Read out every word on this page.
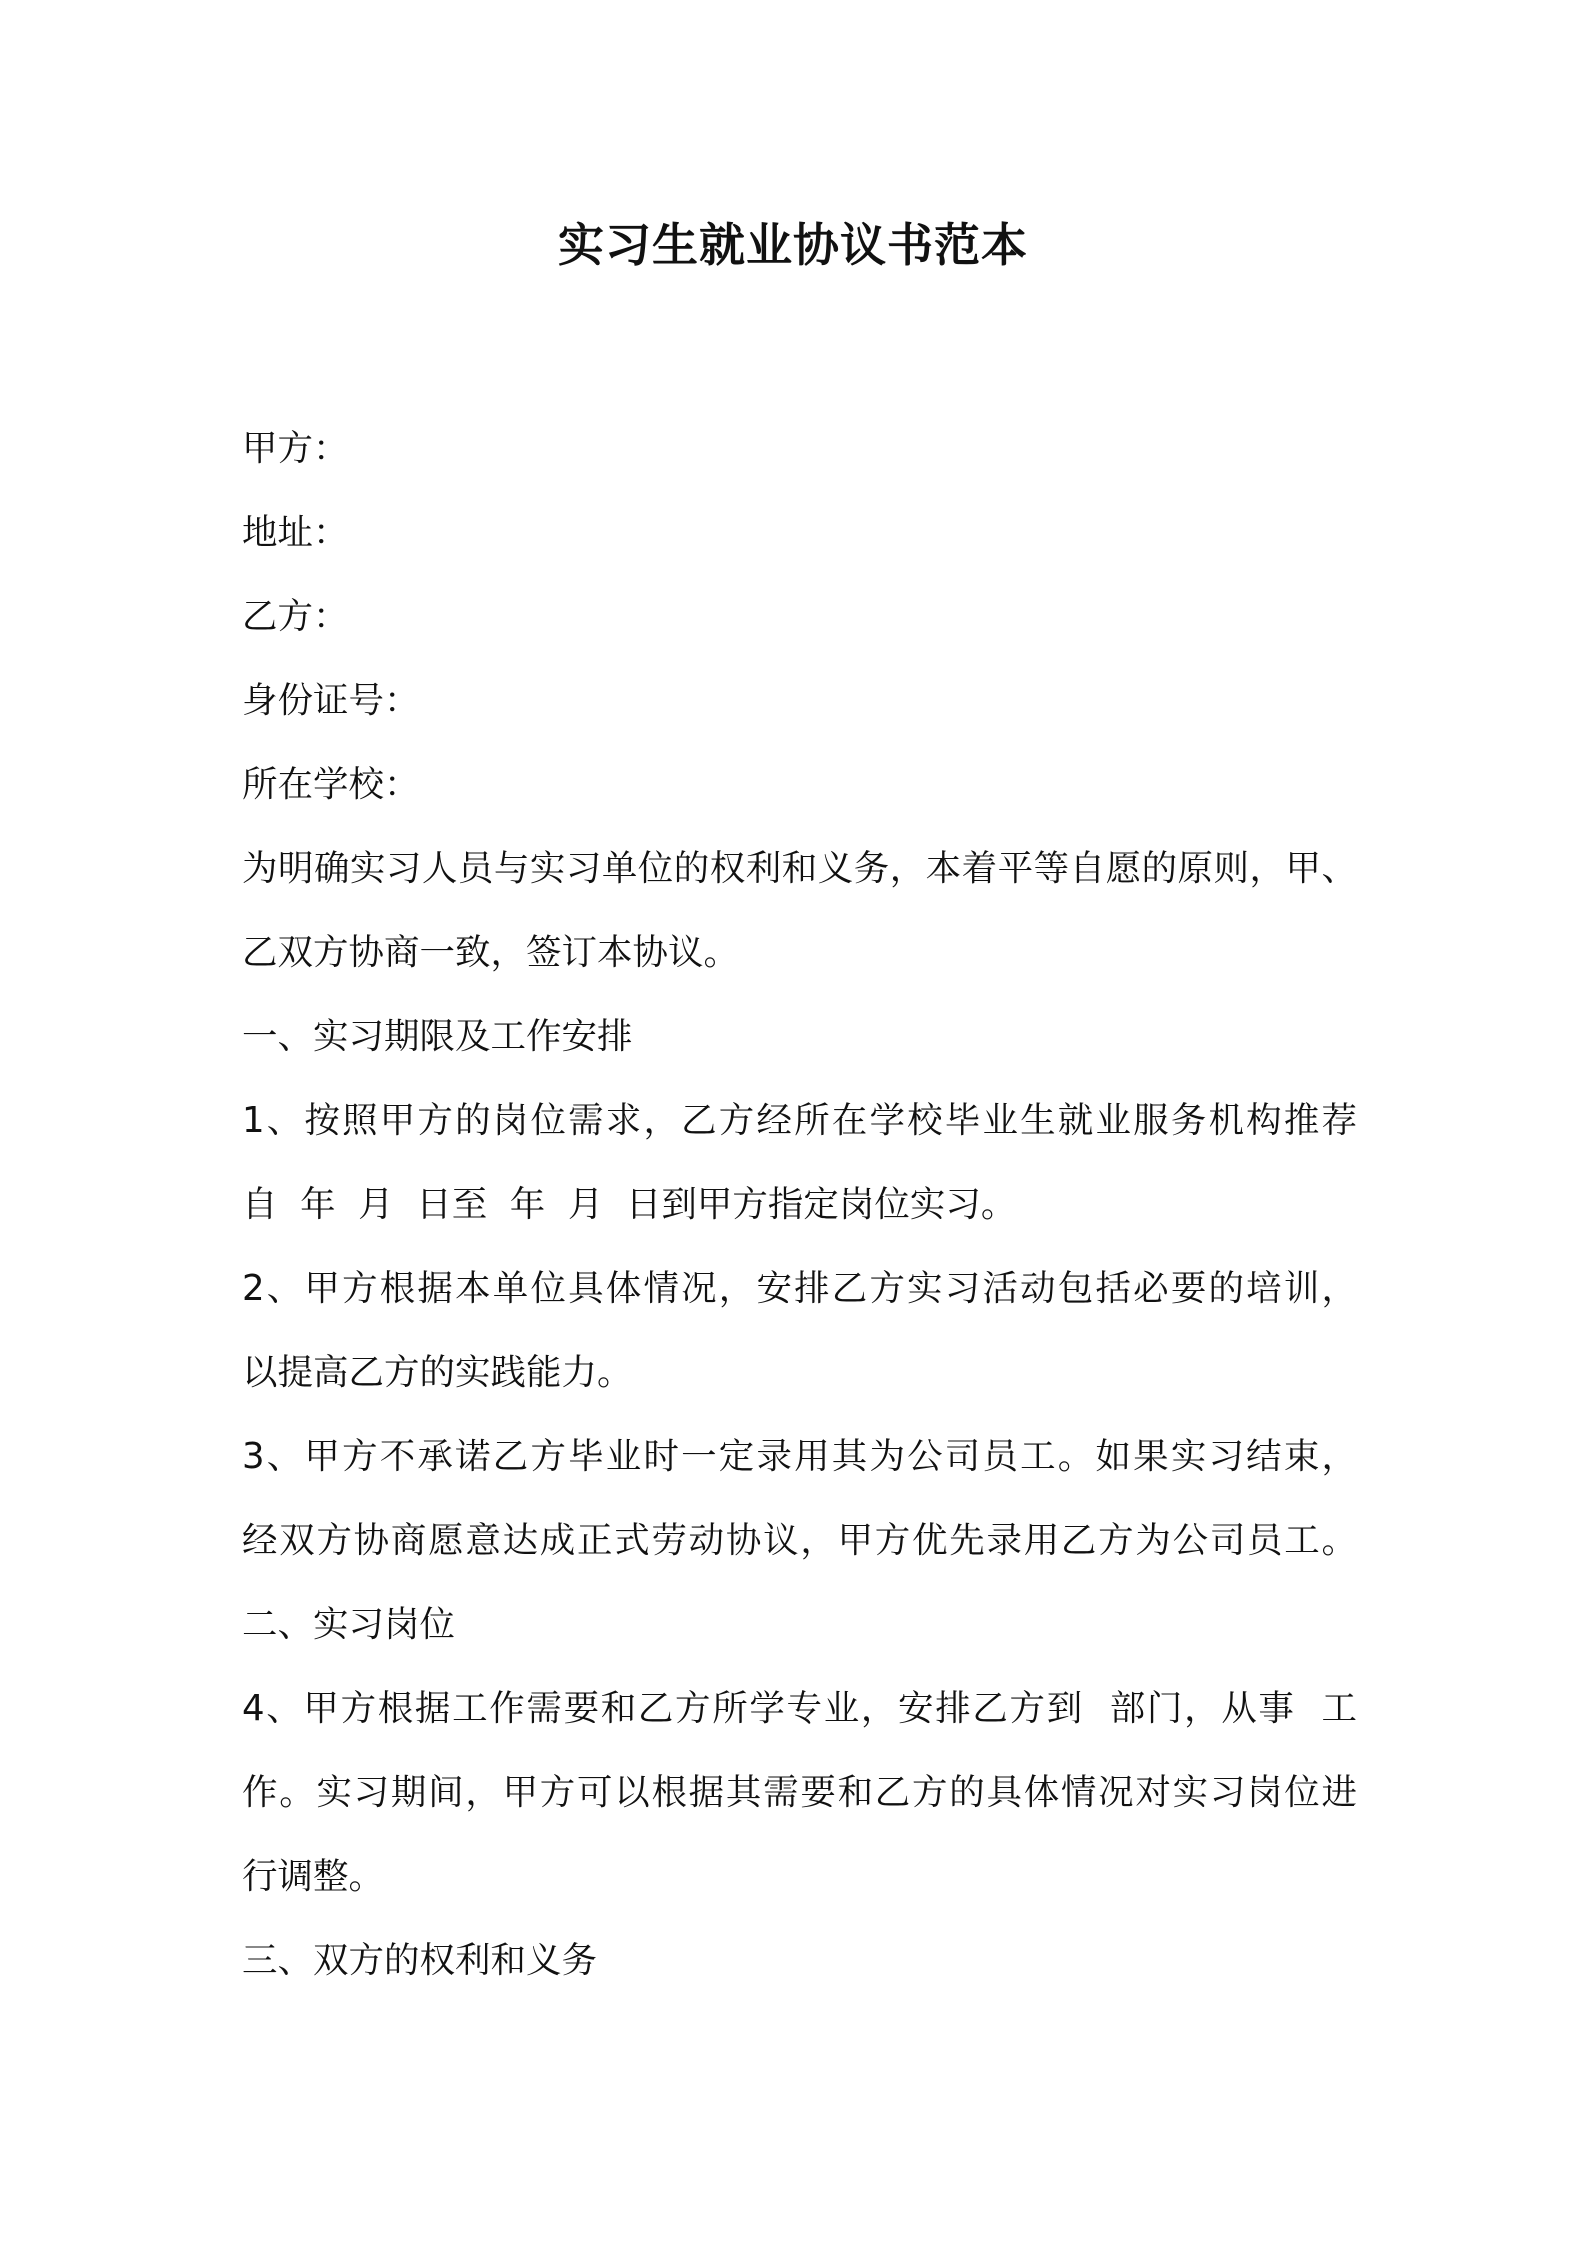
实习生就业协议书范本
甲方：
地址：
乙方：
身份证号：
所在学校：
为明确实习人员与实习单位的权利和义务，本着平等自愿的原则，甲、
乙双方协商一致，签订本协议。
一、实习期限及工作安排
1、按照甲方的岗位需求，乙方经所在学校毕业生就业服务机构推荐
自  年  月  日至  年  月  日到甲方指定岗位实习。
2、甲方根据本单位具体情况，安排乙方实习活动包括必要的培训，
以提高乙方的实践能力。
3、甲方不承诺乙方毕业时一定录用其为公司员工。如果实习结束，
经双方协商愿意达成正式劳动协议，甲方优先录用乙方为公司员工。
二、实习岗位
4、甲方根据工作需要和乙方所学专业，安排乙方到  部门，从事  工
作。实习期间，甲方可以根据其需要和乙方的具体情况对实习岗位进
行调整。
三、双方的权利和义务
